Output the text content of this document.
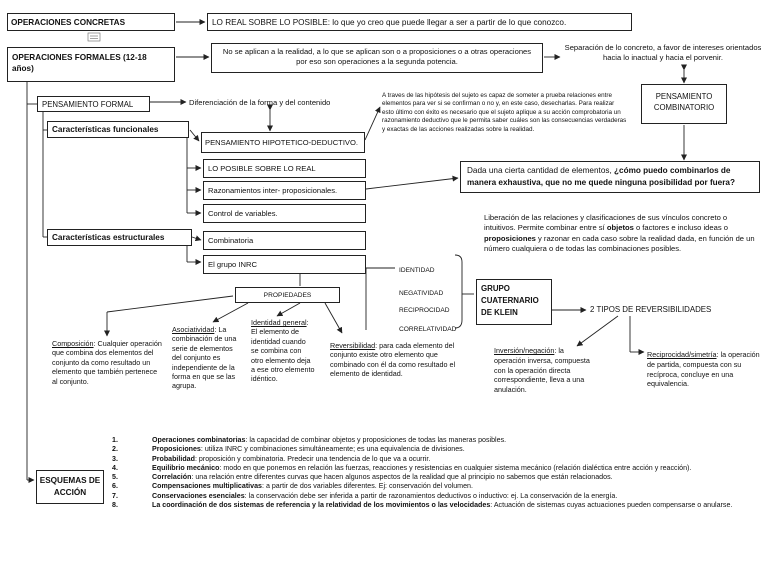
OPERACIONES CONCRETAS	LO REAL SOBRE LO POSIBLE: lo que yo creo que puede llegar a ser a partir de lo que conozco.
OPERACIONES FORMALES (12-18 años)
No se aplican a la realidad, a lo que se aplican son o a proposiciones o a otras operaciones por eso son operaciones a la segunda potencia.
Separación de lo concreto, a favor de intereses orientados hacia lo inactual y hacia el porvenir.
PENSAMIENTO FORMAL	Diferenciación de la forma y del contenido
A traves de las hipótesis del sujeto es capaz de someter a prueba relaciones entre elementos para ver si se confirman o no y, en este caso, desecharlas. Para realizar esto último con éxito es necesario que el sujeto aplique a su acción comprobatoria un razonamiento deductivo que le permita saber cuáles son las consecuencias verdaderas y exactas de las acciones realizadas sobre la realidad.
PENSAMIENTO COMBINATORIO
Características funcionales
PENSAMIENTO HIPOTETICO-DEDUCTIVO.
LO POSIBLE SOBRE LO REAL
Razonamientos inter- proposicionales.
Control de variables.
Dada una cierta cantidad de elementos, ¿cómo puedo combinarlos de manera exhaustiva, que no me quede ninguna posibilidad por fuera?
Liberación de las relaciones y clasificaciones de sus vínculos concreto o intuitivos. Permite combinar entre sí objetos o factores e incluso ideas o proposiciones y razonar en cada caso sobre la realidad dada, en función de un número cualquiera o de todas las combinaciones posibles.
Características estructurales	Combinatoria
El grupo INRC
IDENTIDAD
NEGATIVIDAD
RECIPROCIDAD
CORRELATIVIDAD
GRUPO CUATERNARIO DE KLEIN	2 TIPOS DE REVERSIBILIDADES
PROPIEDADES
Composición: Cualquier operación que combina dos elementos del conjunto da como resultado un elemento que también pertenece al conjunto.
Asociatividad: La combinación de una serie de elementos del conjunto es independiente de la forma en que se las agrupa.
Identidad general: El elemento de identidad cuando se combina con otro elemento deja a ese otro elemento idéntico.
Reversibilidad: para cada elemento del conjunto existe otro elemento que combinado con él da como resultado el elemento de identidad.
Inversión/negación: la operación inversa, compuesta con la operación directa correspondiente, lleva a una anulación.
Reciprocidad/simetría: la operación de partida, compuesta con su recíproca, concluye en una equivalencia.
ESQUEMAS DE ACCIÓN
1.	Operaciones combinatorias: la capacidad de combinar objetos y proposiciones de todas las maneras posibles.
2.	Proposiciones: utiliza INRC y combinaciones simultáneamente; es una equivalencia de divisiones.
3.	Probabilidad: proposición y combinatoria. Predecir una tendencia de lo que va a ocurrir.
4.	Equilibrio mecánico: modo en que ponemos en relación las fuerzas, reacciones y resistencias en cualquier sistema mecánico (relación dialéctica entre acción y reacción).
5.	Correlación: una relación entre diferentes curvas que hacen algunos aspectos de la realidad que al principio no sabemos que están relacionados.
6.	Compensaciones multiplicativas: a partir de dos variables diferentes. Ej: conservación del volumen.
7.	Conservaciones esenciales: la conservación debe ser inferida a partir de razonamientos deductivos o inductivo: ej. La conservación de la energía.
8.	La coordinación de dos sistemas de referencia y la relatividad de los movimientos o las velocidades: Actuación de sistemas cuyas actuaciones pueden compensarse o anularse.
